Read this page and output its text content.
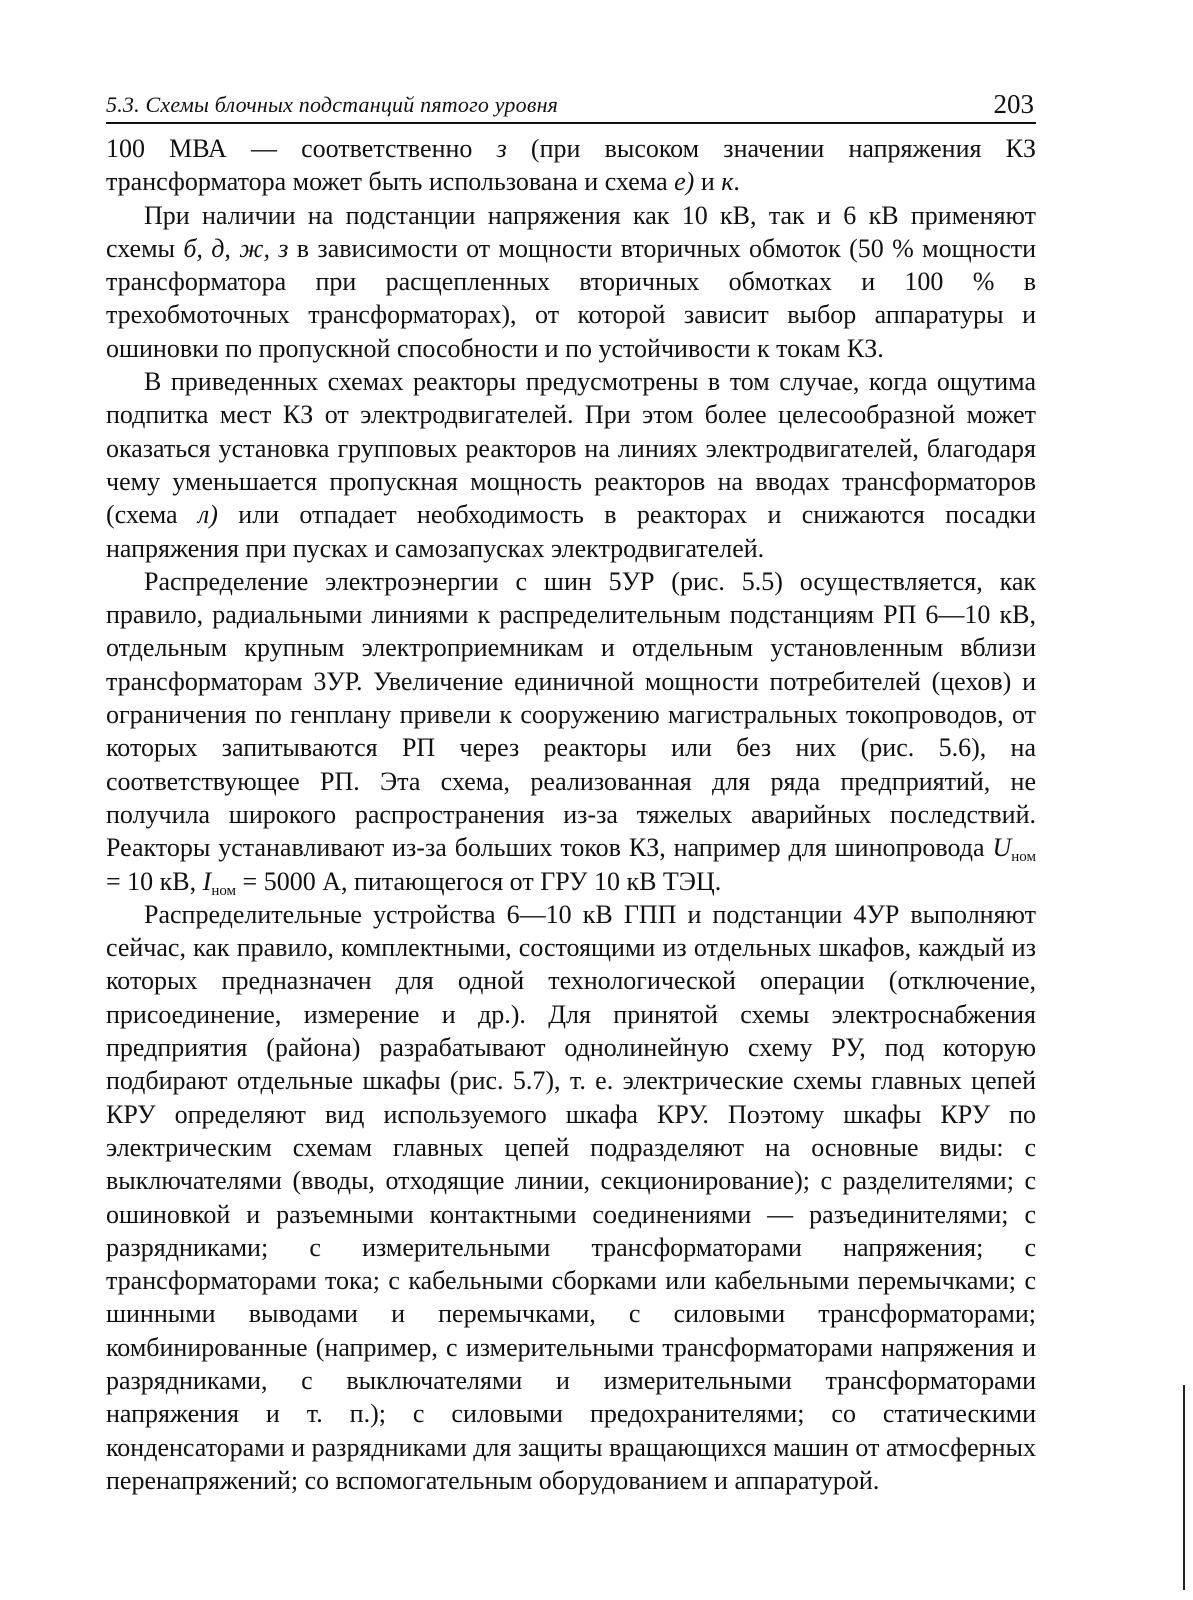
5.3. Схемы блочных подстанций пятого уровня	203

100 МВА — соответственно з (при высоком значении напряжения КЗ трансформатора может быть использована и схема е) и к.

При наличии на подстанции напряжения как 10 кВ, так и 6 кВ применяют схемы б, д, ж, з в зависимости от мощности вторичных обмоток (50 % мощности трансформатора при расщепленных вторичных обмотках и 100 % в трехобмоточных трансформаторах), от которой зависит выбор аппаратуры и ошиновки по пропускной способности и по устойчивости к токам КЗ.

В приведенных схемах реакторы предусмотрены в том случае, когда ощутима подпитка мест КЗ от электродвигателей. При этом более целесообразной может оказаться установка групповых реакторов на линиях электродвигателей, благодаря чему уменьшается пропускная мощность реакторов на вводах трансформаторов (схема л) или отпадает необходимость в реакторах и снижаются посадки напряжения при пусках и самозапусках электродвигателей.

Распределение электроэнергии с шин 5УР (рис. 5.5) осуществляется, как правило, радиальными линиями к распределительным подстанциям РП 6—10 кВ, отдельным крупным электроприемникам и отдельным установленным вблизи трансформаторам 3УР. Увеличение единичной мощности потребителей (цехов) и ограничения по генплану привели к сооружению магистральных токопроводов, от которых запитываются РП через реакторы или без них (рис. 5.6), на соответствующее РП. Эта схема, реализованная для ряда предприятий, не получила широкого распространения из-за тяжелых аварийных последствий. Реакторы устанавливают из-за больших токов КЗ, например для шинопровода $U_{ном} = 10$ кВ, $I_{ном} = 5000$ А, питающегося от ГРУ 10 кВ ТЭЦ.

Распределительные устройства 6—10 кВ ГПП и подстанции 4УР выполняют сейчас, как правило, комплектными, состоящими из отдельных шкафов, каждый из которых предназначен для одной технологической операции (отключение, присоединение, измерение и др.). Для принятой схемы электроснабжения предприятия (района) разрабатывают однолинейную схему РУ, под которую подбирают отдельные шкафы (рис. 5.7), т. е. электрические схемы главных цепей КРУ определяют вид используемого шкафа КРУ. Поэтому шкафы КРУ по электрическим схемам главных цепей подразделяют на основные виды: с выключателями (вводы, отходящие линии, секционирование); с разделителями; с ошиновкой и разъемными контактными соединениями — разъединителями; с разрядниками; с измерительными трансформаторами напряжения; с трансформаторами тока; с кабельными сборками или кабельными перемычками; с шинными выводами и перемычками, с силовыми трансформаторами; комбинированные (например, с измерительными трансформаторами напряжения и разрядниками, с выключателями и измерительными трансформаторами напряжения и т. п.); с силовыми предохранителями; со статическими конденсаторами и разрядниками для защиты вращающихся машин от атмосферных перенапряжений; со вспомогательным оборудованием и аппаратурой.
